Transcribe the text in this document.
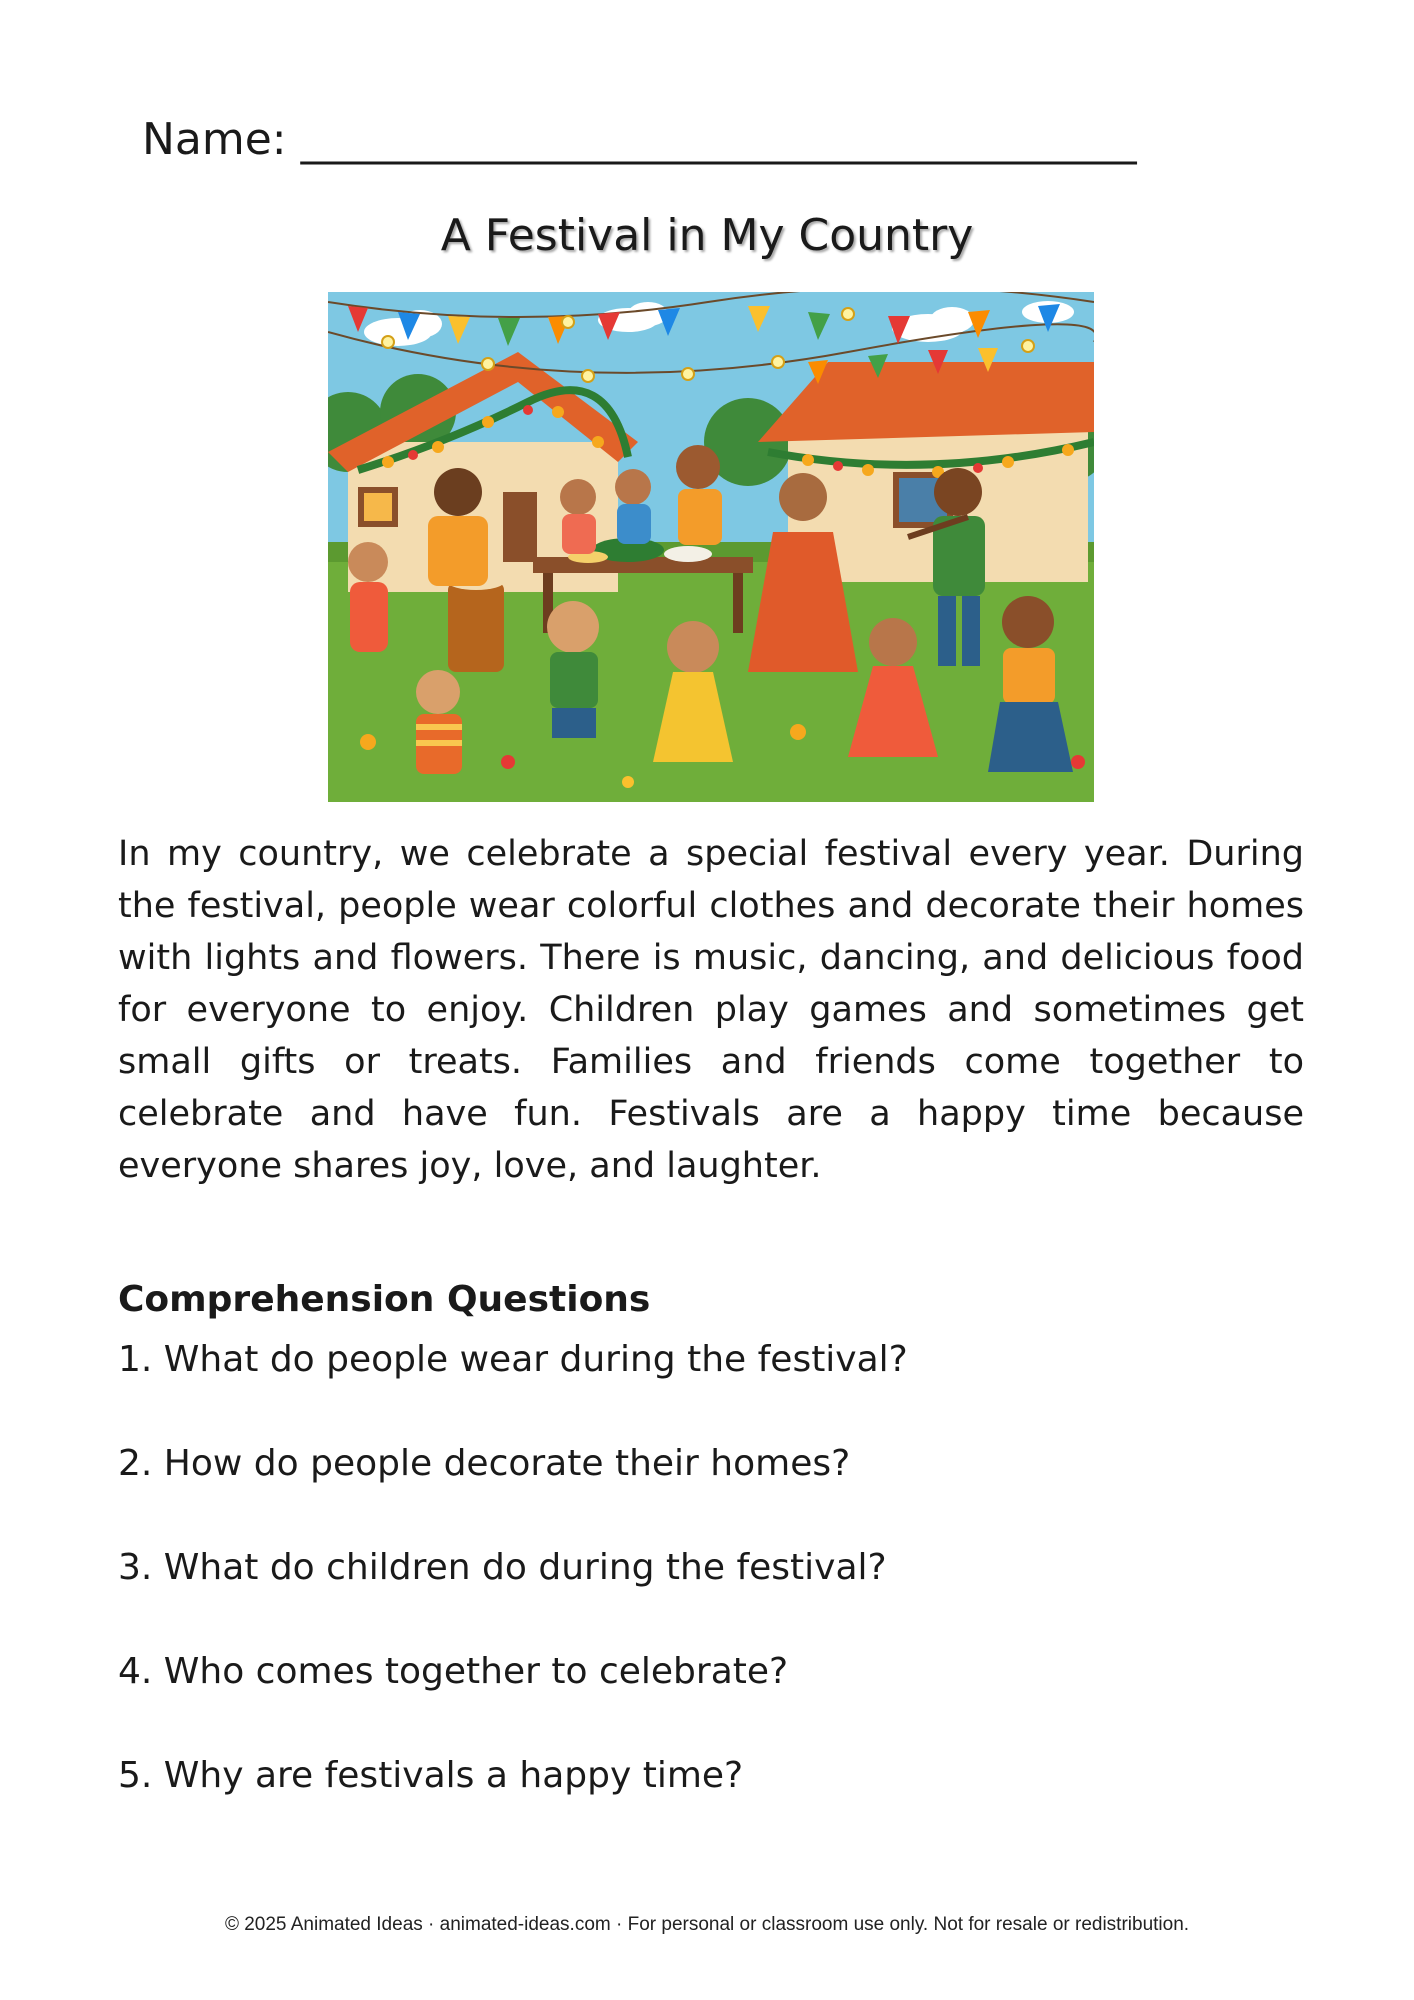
Name: ______________________________________
A Festival in My Country

In my country, we celebrate a special festival every year. During the festival, people wear colorful clothes and decorate their homes with lights and flowers. There is music, dancing, and delicious food for everyone to enjoy. Children play games and sometimes get small gifts or treats. Families and friends come together to celebrate and have fun. Festivals are a happy time because everyone shares joy, love, and laughter.

Comprehension Questions
1. What do people wear during the festival?
2. How do people decorate their homes?
3. What do children do during the festival?
4. Who comes together to celebrate?
5. Why are festivals a happy time?
© 2025 Animated Ideas · animated-ideas.com · For personal or classroom use only. Not for resale or redistribution.
